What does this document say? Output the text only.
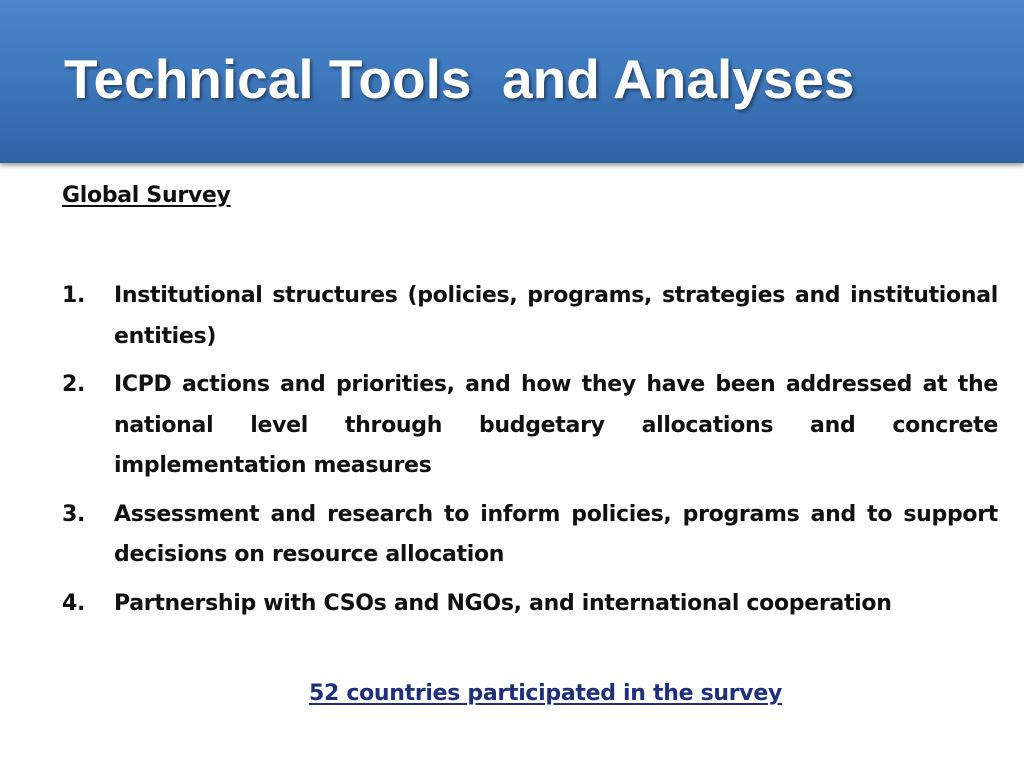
Technical Tools  and Analyses

Global Survey

1. Institutional structures (policies, programs, strategies and institutional entities)
2. ICPD actions and priorities, and how they have been addressed at the national level through budgetary allocations and concrete implementation measures
3. Assessment and research to inform policies, programs and to support decisions on resource allocation
4. Partnership with CSOs and NGOs, and international cooperation
52 countries participated in the survey
